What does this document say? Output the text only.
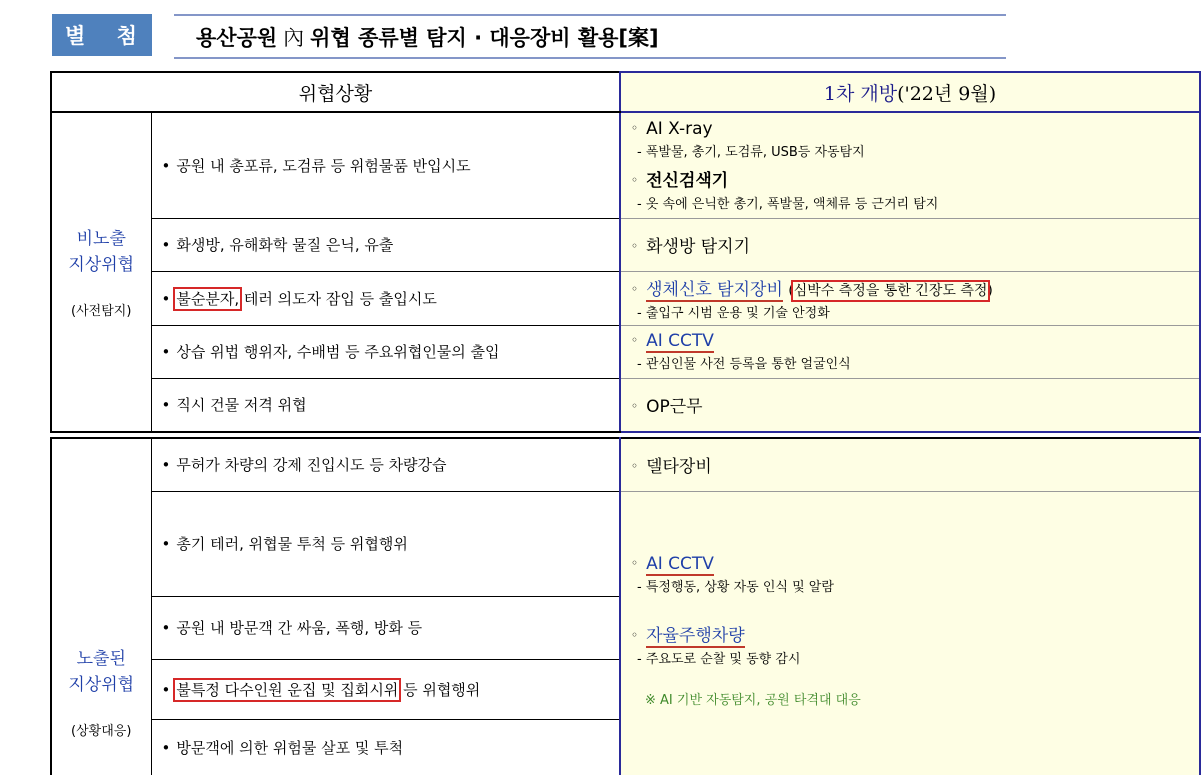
별 첨 용산공원 內 위협 종류별 탐지 · 대응장비 활용[案]
위협상황		1차 개방('22년 9월)

비노출
지상위협
(사전탐지)	• 공원 내 총포류, 도검류 등 위험물품 반입시도	◦ AI X-ray
- 폭발물, 총기, 도검류, USB등 자동탐지
◦ 전신검색기
- 옷 속에 은닉한 총기, 폭발물, 액체류 등 근거리 탐지

	• 화생방, 유해화학 물질 은닉, 유출	◦ 화생방 탐지기
	• 불순분자, 테러 의도자 잠입 등 출입시도	◦ 생체신호 탐지장비 (심박수 측정을 통한 긴장도 측정)
- 출입구 시범 운용 및 기술 안정화

	• 상습 위법 행위자, 수배범 등 주요위협인물의 출입	◦ AI CCTV
- 관심인물 사전 등록을 통한 얼굴인식

	• 직시 건물 저격 위협	◦ OP근무
노출된
지상위협
(상황대응)	• 무허가 차량의 강제 진입시도 등 차량강습	◦ 델타장비
	• 총기 테러, 위협물 투척 등 위협행위	◦ AI CCTV
- 특정행동, 상황 자동 인식 및 알람
◦ 자율주행차량
- 주요도로 순찰 및 동향 감시
※ AI 기반 자동탐지, 공원 타격대 대응

	• 공원 내 방문객 간 싸움, 폭행, 방화 등	
	• 불특정 다수인원 운집 및 집회시위 등 위협행위	
	• 방문객에 의한 위험물 살포 및 투척	
